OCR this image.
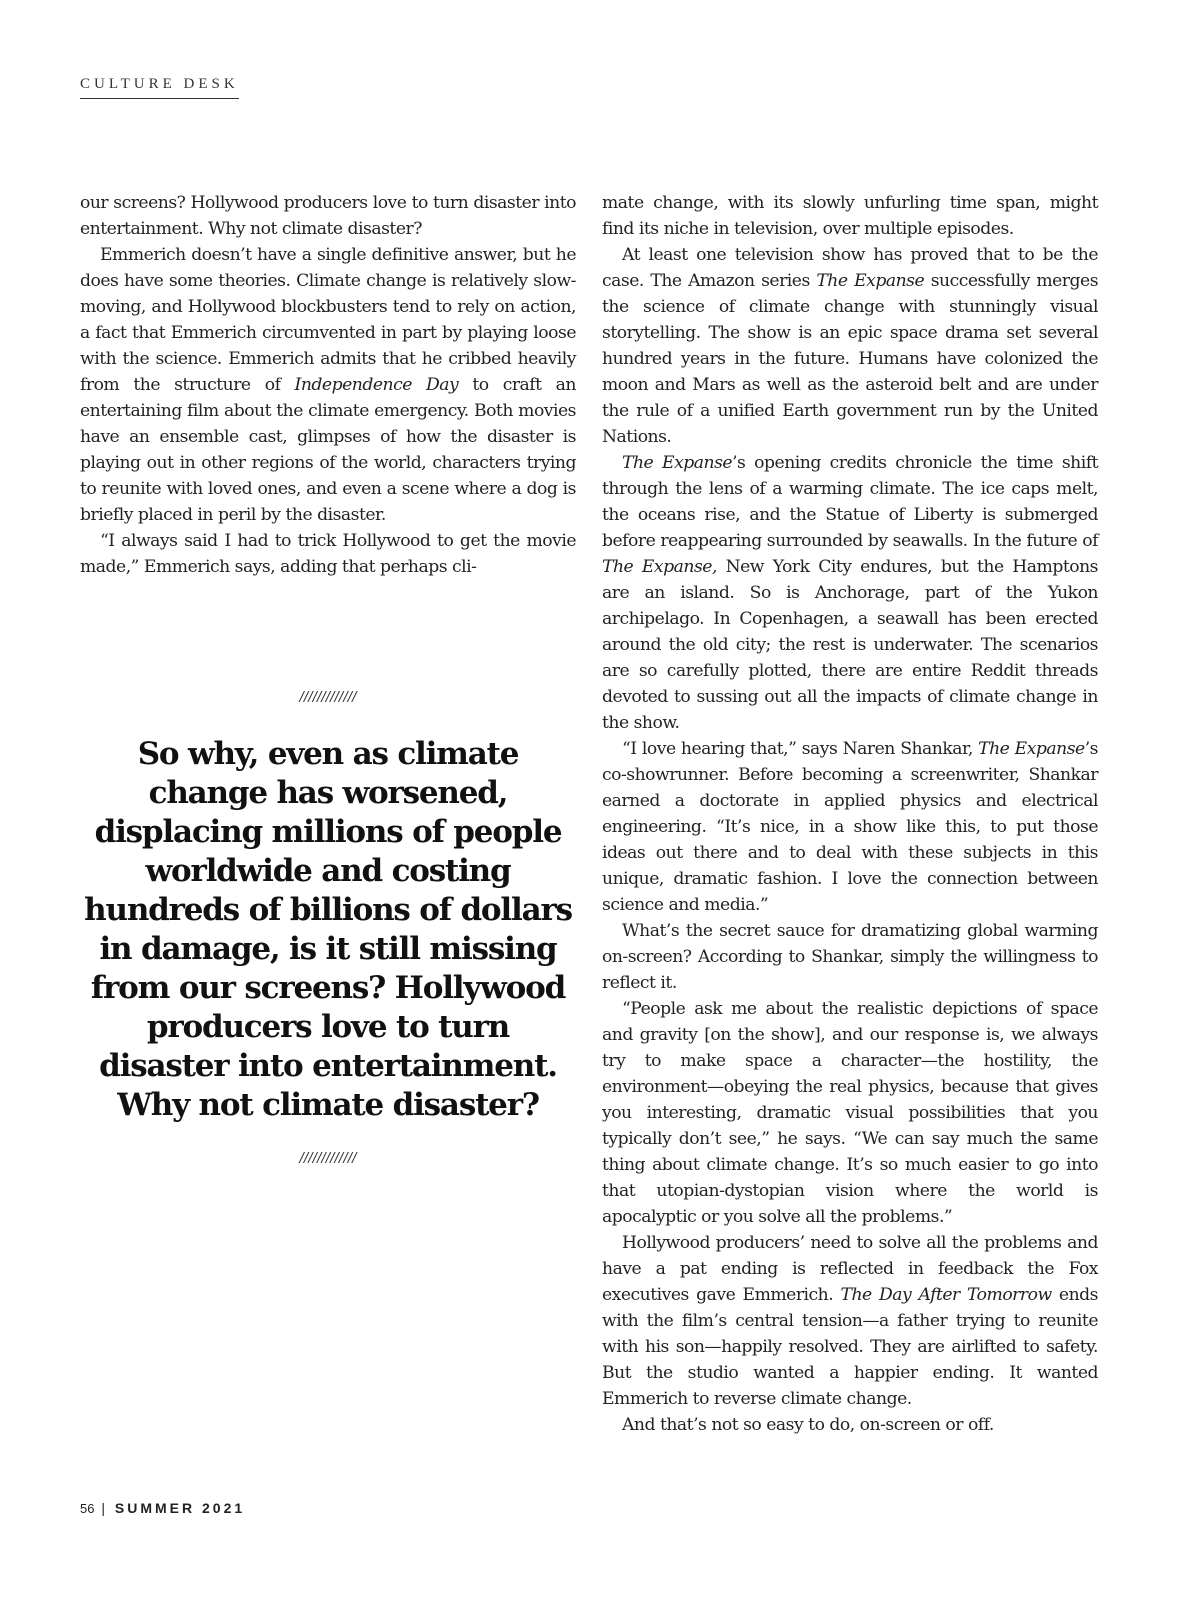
CULTURE DESK

our screens? Hollywood producers love to turn disaster into entertainment. Why not climate disaster?

Emmerich doesn’t have a single definitive answer, but he does have some theories. Climate change is relatively slow-moving, and Hollywood blockbusters tend to rely on action, a fact that Emmerich circumvented in part by playing loose with the science. Emmerich admits that he cribbed heavily from the structure of Independence Day to craft an entertaining film about the climate emergency. Both movies have an ensemble cast, glimpses of how the disaster is playing out in other regions of the world, characters trying to reunite with loved ones, and even a scene where a dog is briefly placed in peril by the disaster.

“I always said I had to trick Hollywood to get the movie made,” Emmerich says, adding that perhaps cli-

/////////////
So why, even as climate change has worsened, displacing millions of people worldwide and costing hundreds of billions of dollars in damage, is it still missing from our screens? Hollywood producers love to turn disaster into entertainment. Why not climate disaster?
/////////////

mate change, with its slowly unfurling time span, might find its niche in television, over multiple episodes.

At least one television show has proved that to be the case. The Amazon series The Expanse successfully merges the science of climate change with stunningly visual storytelling. The show is an epic space drama set several hundred years in the future. Humans have colonized the moon and Mars as well as the asteroid belt and are under the rule of a unified Earth government run by the United Nations.

The Expanse’s opening credits chronicle the time shift through the lens of a warming climate. The ice caps melt, the oceans rise, and the Statue of Liberty is submerged before reappearing surrounded by seawalls. In the future of The Expanse, New York City endures, but the Hamptons are an island. So is Anchorage, part of the Yukon archipelago. In Copenhagen, a seawall has been erected around the old city; the rest is underwater. The scenarios are so carefully plotted, there are entire Reddit threads devoted to sussing out all the impacts of climate change in the show.

“I love hearing that,” says Naren Shankar, The Expanse’s co-showrunner. Before becoming a screenwriter, Shankar earned a doctorate in applied physics and electrical engineering. “It’s nice, in a show like this, to put those ideas out there and to deal with these subjects in this unique, dramatic fashion. I love the connection between science and media.”

What’s the secret sauce for dramatizing global warming on-screen? According to Shankar, simply the willingness to reflect it.

“People ask me about the realistic depictions of space and gravity [on the show], and our response is, we always try to make space a character—the hostility, the environment—obeying the real physics, because that gives you interesting, dramatic visual possibilities that you typically don’t see,” he says. “We can say much the same thing about climate change. It’s so much easier to go into that utopian-dystopian vision where the world is apocalyptic or you solve all the problems.”

Hollywood producers’ need to solve all the problems and have a pat ending is reflected in feedback the Fox executives gave Emmerich. The Day After Tomorrow ends with the film’s central tension—a father trying to reunite with his son—happily resolved. They are airlifted to safety. But the studio wanted a happier ending. It wanted Emmerich to reverse climate change.

And that’s not so easy to do, on-screen or off.

56 | SUMMER 2021
